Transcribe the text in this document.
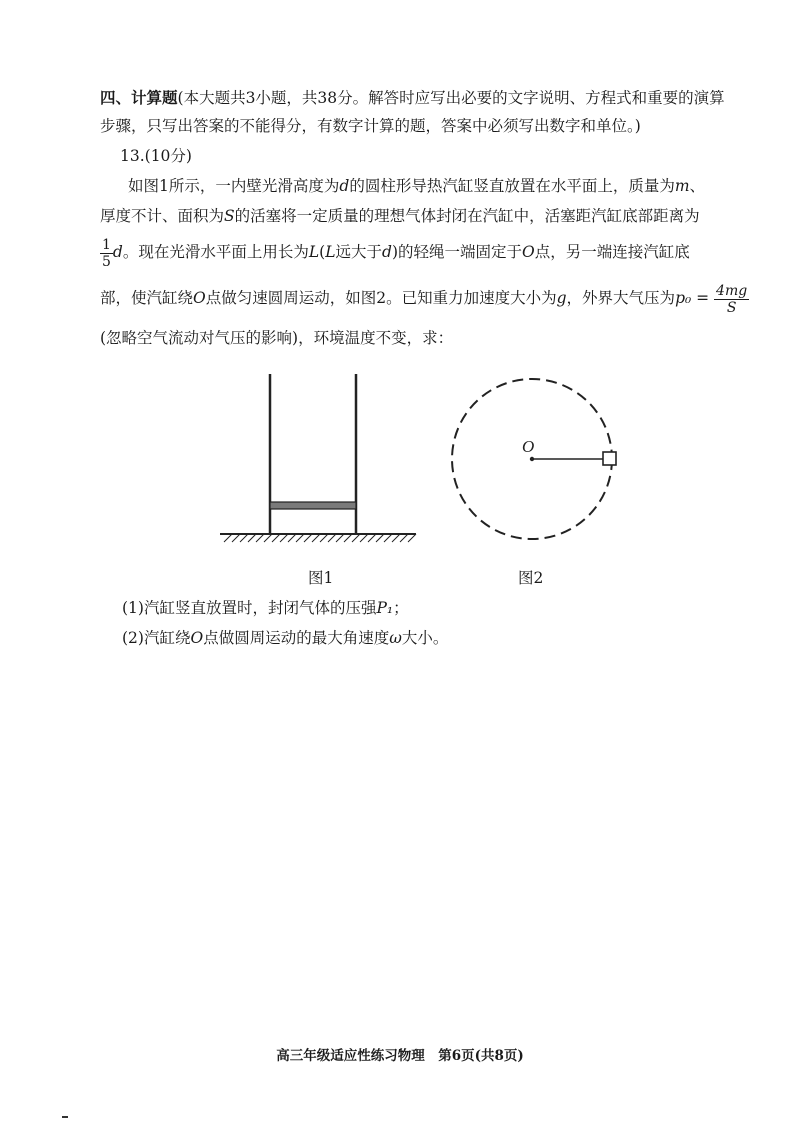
四、计算题(本大题共3小题，共38分。解答时应写出必要的文字说明、方程式和重要的演算
步骤，只写出答案的不能得分，有数字计算的题，答案中必须写出数字和单位。)
13.(10分)
如图1所示，一内壁光滑高度为d的圆柱形导热汽缸竖直放置在水平面上，质量为m、
厚度不计、面积为S的活塞将一定质量的理想气体封闭在汽缸中，活塞距汽缸底部距离为
$\frac{1}{5}$ d。现在光滑水平面上用长为L(L远大于d)的轻绳一端固定于O点，另一端连接汽缸底
部，使汽缸绕O点做匀速圆周运动，如图2。已知重力加速度大小为g，外界大气压为$p_0 = \frac{4mg}{S}$
(忽略空气流动对气压的影响)，环境温度不变，求：
图1
O
图2
(1)汽缸竖直放置时，封闭气体的压强P₁；
(2)汽缸绕O点做圆周运动的最大角速度ω大小。
高三年级适应性练习物理　第6页(共8页)
